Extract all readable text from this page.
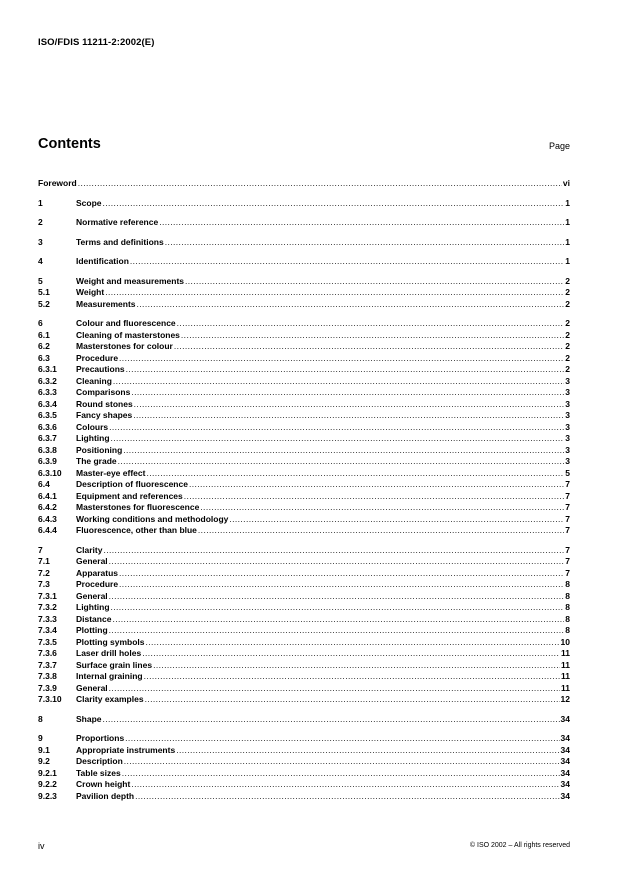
ISO/FDIS 11211-2:2002(E)
Contents	Page
Foreword .....	vi
1	Scope .....	1
2	Normative reference .....	1
3	Terms and definitions .....	1
4	Identification .....	1
5	Weight and measurements .....	2
5.1	Weight .....	2
5.2	Measurements .....	2
6	Colour and fluorescence .....	2
6.1	Cleaning of masterstones .....	2
6.2	Masterstones for colour .....	2
6.3	Procedure .....	2
6.3.1	Precautions .....	2
6.3.2	Cleaning .....	3
6.3.3	Comparisons .....	3
6.3.4	Round stones .....	3
6.3.5	Fancy shapes .....	3
6.3.6	Colours .....	3
6.3.7	Lighting .....	3
6.3.8	Positioning .....	3
6.3.9	The grade .....	3
6.3.10	Master-eye effect .....	5
6.4	Description of fluorescence .....	7
6.4.1	Equipment and references .....	7
6.4.2	Masterstones for fluorescence .....	7
6.4.3	Working conditions and methodology .....	7
6.4.4	Fluorescence, other than blue .....	7
7	Clarity .....	7
7.1	General .....	7
7.2	Apparatus .....	7
7.3	Procedure .....	8
7.3.1	General .....	8
7.3.2	Lighting .....	8
7.3.3	Distance .....	8
7.3.4	Plotting .....	8
7.3.5	Plotting symbols .....	10
7.3.6	Laser drill holes .....	11
7.3.7	Surface grain lines .....	11
7.3.8	Internal graining .....	11
7.3.9	General .....	11
7.3.10	Clarity examples .....	12
8	Shape .....	34
9	Proportions .....	34
9.1	Appropriate instruments .....	34
9.2	Description .....	34
9.2.1	Table sizes .....	34
9.2.2	Crown height .....	34
9.2.3	Pavilion depth .....	34
iv	© ISO 2002 – All rights reserved
